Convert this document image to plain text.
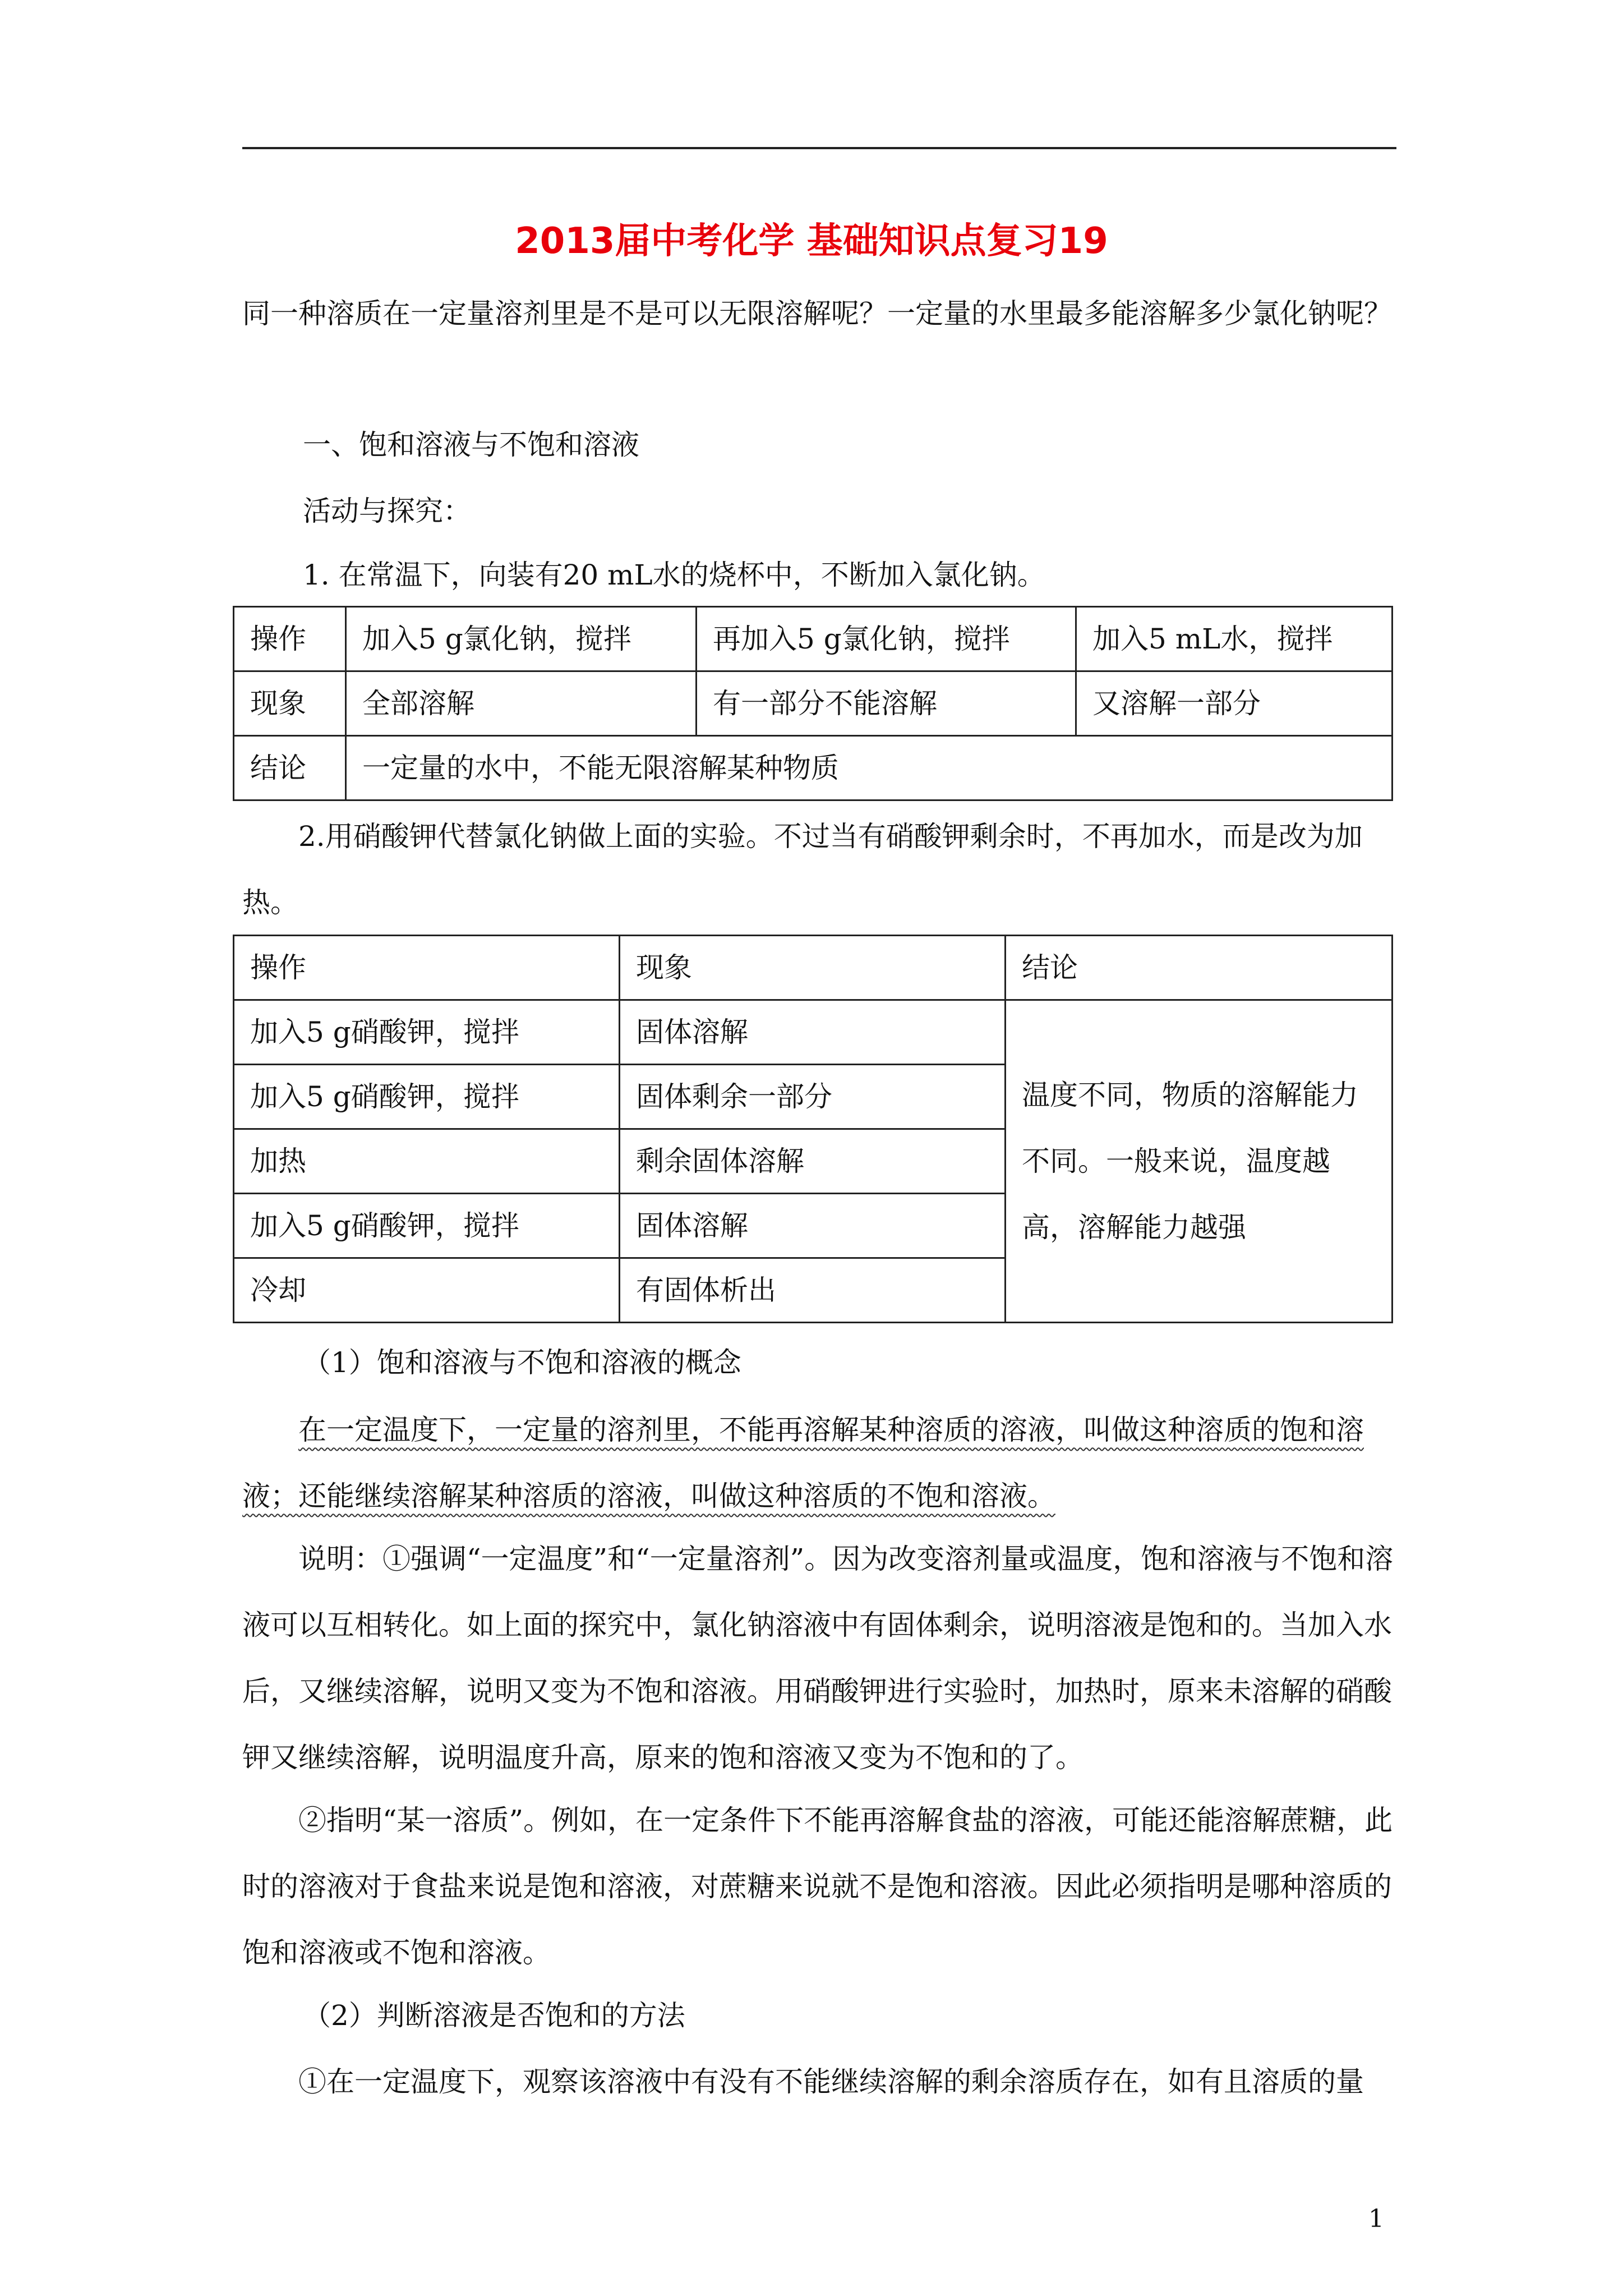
2013届中考化学 基础知识点复习19

同一种溶质在一定量溶剂里是不是可以无限溶解呢？一定量的水里最多能溶解多少氯化钠呢？

一、饱和溶液与不饱和溶液

活动与探究：

1. 在常温下，向装有20 mL水的烧杯中，不断加入氯化钠。

操作	加入5 g氯化钠，搅拌	再加入5 g氯化钠，搅拌	加入5 mL水，搅拌
现象	全部溶解	有一部分不能溶解	又溶解一部分
结论	一定量的水中，不能无限溶解某种物质		

2.用硝酸钾代替氯化钠做上面的实验。不过当有硝酸钾剩余时，不再加水，而是改为加热。

操作	现象	结论
加入5 g硝酸钾，搅拌	固体溶解	温度不同，物质的溶解能力不同。一般来说，温度越高，溶解能力越强
加入5 g硝酸钾，搅拌	固体剩余一部分	
加热	剩余固体溶解	
加入5 g硝酸钾，搅拌	固体溶解	
冷却	有固体析出	

（1）饱和溶液与不饱和溶液的概念

在一定温度下，一定量的溶剂里，不能再溶解某种溶质的溶液，叫做这种溶质的饱和溶液；还能继续溶解某种溶质的溶液，叫做这种溶质的不饱和溶液。

说明：①强调“一定温度”和“一定量溶剂”。因为改变溶剂量或温度，饱和溶液与不饱和溶液可以互相转化。如上面的探究中，氯化钠溶液中有固体剩余，说明溶液是饱和的。当加入水后，又继续溶解，说明又变为不饱和溶液。用硝酸钾进行实验时，加热时，原来未溶解的硝酸钾又继续溶解，说明温度升高，原来的饱和溶液又变为不饱和的了。

②指明“某一溶质”。例如，在一定条件下不能再溶解食盐的溶液，可能还能溶解蔗糖，此时的溶液对于食盐来说是饱和溶液，对蔗糖来说就不是饱和溶液。因此必须指明是哪种溶质的饱和溶液或不饱和溶液。

（2）判断溶液是否饱和的方法

①在一定温度下，观察该溶液中有没有不能继续溶解的剩余溶质存在，如有且溶质的量

1
